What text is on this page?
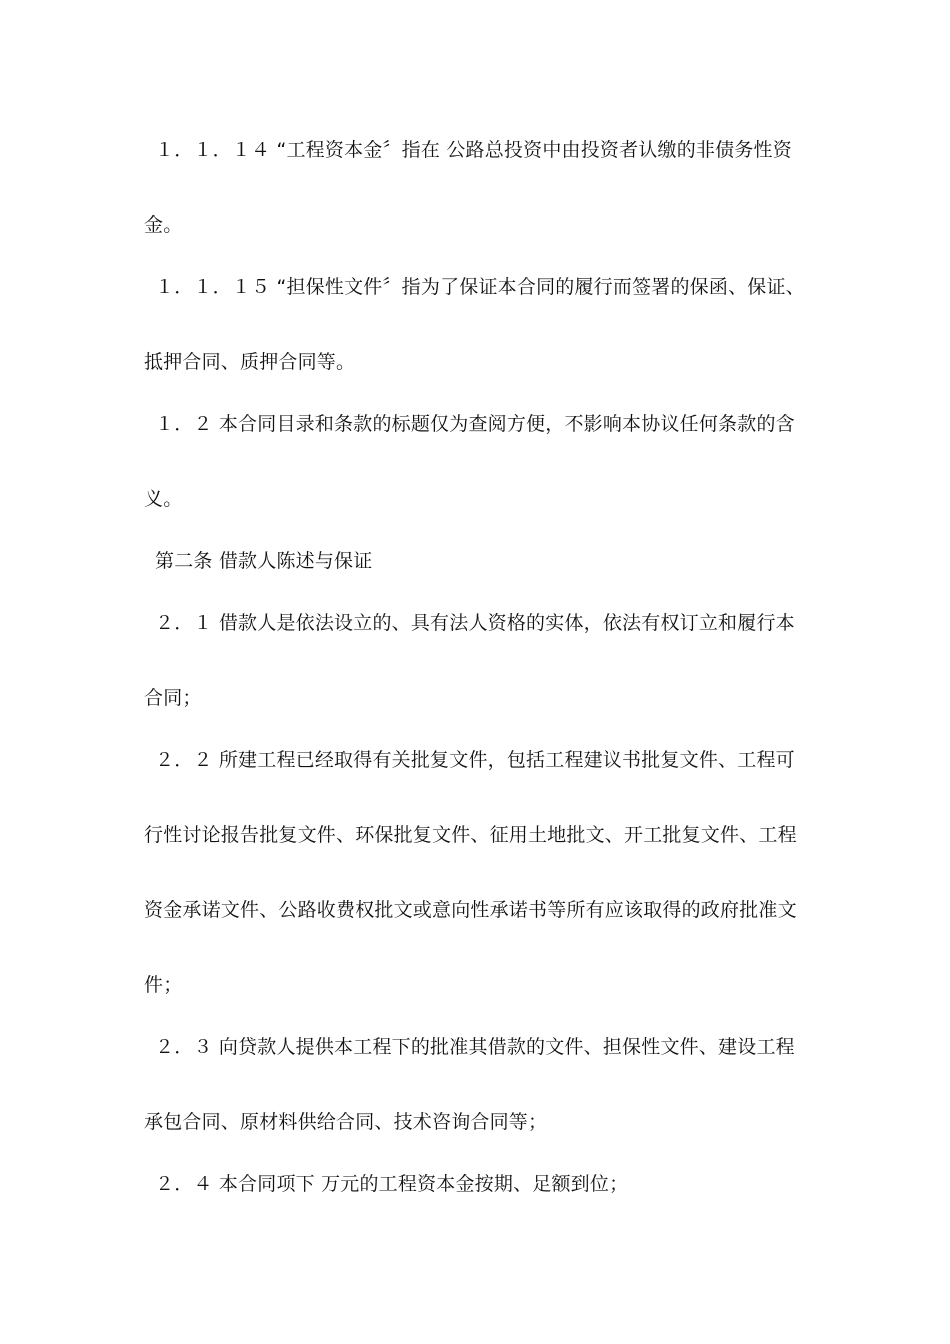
１．１．１４ “工程资本金〞指在 公路总投资中由投资者认缴的非债务性资
金。
１．１．１５ “担保性文件〞指为了保证本合同的履行而签署的保函、保证、
抵押合同、质押合同等。
１．２ 本合同目录和条款的标题仅为查阅方便，不影响本协议任何条款的含
义。
第二条 借款人陈述与保证
２．１ 借款人是依法设立的、具有法人资格的实体，依法有权订立和履行本
合同；
２．２ 所建工程已经取得有关批复文件，包括工程建议书批复文件、工程可
行性讨论报告批复文件、环保批复文件、征用土地批文、开工批复文件、工程
资金承诺文件、公路收费权批文或意向性承诺书等所有应该取得的政府批准文
件；
２．３ 向贷款人提供本工程下的批准其借款的文件、担保性文件、建设工程
承包合同、原材料供给合同、技术咨询合同等；
２．４ 本合同项下 万元的工程资本金按期、足额到位；
